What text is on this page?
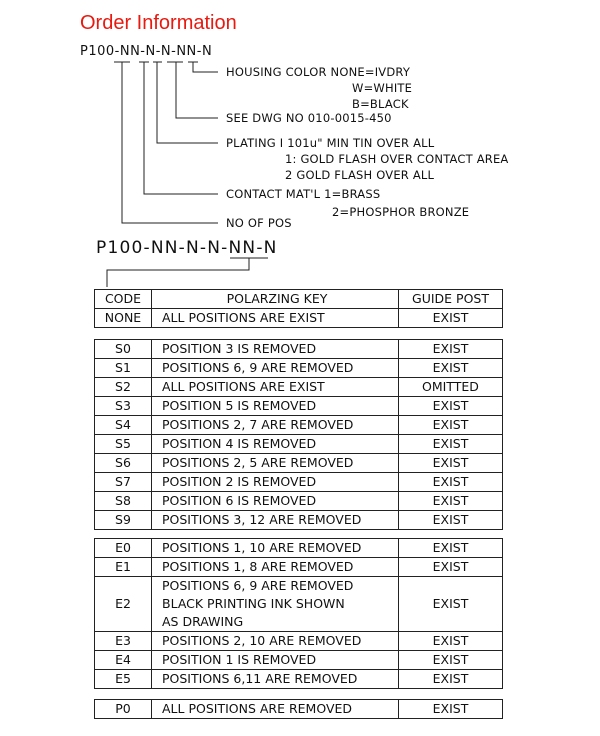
Order Information
P100-NN-N-N-NN-N
HOUSING COLOR NONE=IVDRY
W=WHITE
B=BLACK
SEE DWG NO 010-0015-450
PLATING I 101u" MIN TIN OVER ALL
1: GOLD FLASH OVER CONTACT AREA
2 GOLD FLASH OVER ALL
CONTACT MAT'L 1=BRASS
2=PHOSPHOR BRONZE
NO OF POS
P100-NN-N-N-NN-N
CODE	POLARZING KEY	GUIDE POST
NONE	ALL POSITIONS ARE EXIST	EXIST
S0	POSITION 3 IS REMOVED	EXIST
S1	POSITIONS 6, 9 ARE REMOVED	EXIST
S2	ALL POSITIONS ARE EXIST	OMITTED
S3	POSITION 5 IS REMOVED	EXIST
S4	POSITIONS 2, 7 ARE REMOVED	EXIST
S5	POSITION 4 IS REMOVED	EXIST
S6	POSITIONS 2, 5 ARE REMOVED	EXIST
S7	POSITION 2 IS REMOVED	EXIST
S8	POSITION 6 IS REMOVED	EXIST
S9	POSITIONS 3, 12 ARE REMOVED	EXIST
E0	POSITIONS 1, 10 ARE REMOVED	EXIST
E1	POSITIONS 1, 8 ARE REMOVED	EXIST
E2	POSITIONS 6, 9 ARE REMOVED
BLACK PRINTING INK SHOWN
AS DRAWING	EXIST
E3	POSITIONS 2, 10 ARE REMOVED	EXIST
E4	POSITION 1 IS REMOVED	EXIST
E5	POSITIONS 6,11 ARE REMOVED	EXIST
P0	ALL POSITIONS ARE REMOVED	EXIST
